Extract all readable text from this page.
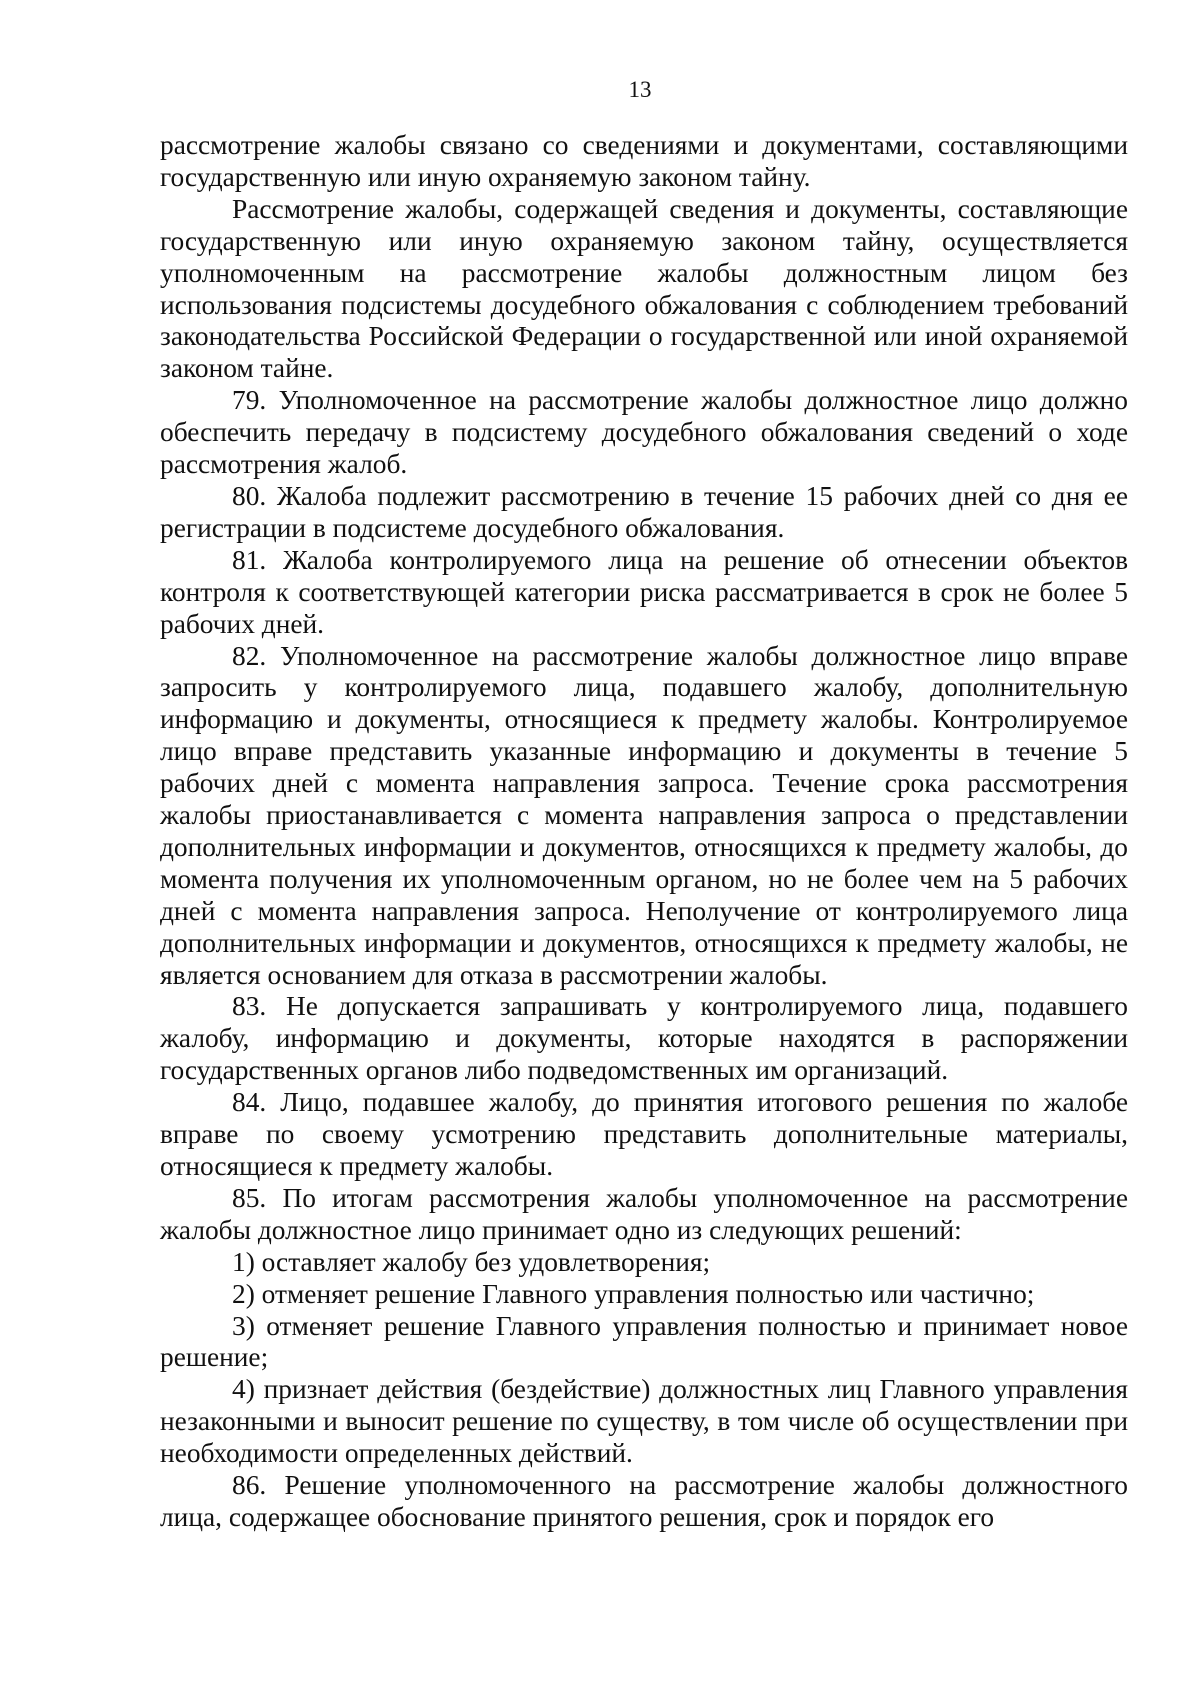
13

рассмотрение жалобы связано со сведениями и документами, составляющими государственную или иную охраняемую законом тайну.

Рассмотрение жалобы, содержащей сведения и документы, составляющие государственную или иную охраняемую законом тайну, осуществляется уполномоченным на рассмотрение жалобы должностным лицом без использования подсистемы досудебного обжалования с соблюдением требований законодательства Российской Федерации о государственной или иной охраняемой законом тайне.

79. Уполномоченное на рассмотрение жалобы должностное лицо должно обеспечить передачу в подсистему досудебного обжалования сведений о ходе рассмотрения жалоб.

80. Жалоба подлежит рассмотрению в течение 15 рабочих дней со дня ее регистрации в подсистеме досудебного обжалования.

81. Жалоба контролируемого лица на решение об отнесении объектов контроля к соответствующей категории риска рассматривается в срок не более 5 рабочих дней.

82. Уполномоченное на рассмотрение жалобы должностное лицо вправе запросить у контролируемого лица, подавшего жалобу, дополнительную информацию и документы, относящиеся к предмету жалобы. Контролируемое лицо вправе представить указанные информацию и документы в течение 5 рабочих дней с момента направления запроса. Течение срока рассмотрения жалобы приостанавливается с момента направления запроса о представлении дополнительных информации и документов, относящихся к предмету жалобы, до момента получения их уполномоченным органом, но не более чем на 5 рабочих дней с момента направления запроса. Неполучение от контролируемого лица дополнительных информации и документов, относящихся к предмету жалобы, не является основанием для отказа в рассмотрении жалобы.

83. Не допускается запрашивать у контролируемого лица, подавшего жалобу, информацию и документы, которые находятся в распоряжении государственных органов либо подведомственных им организаций.

84. Лицо, подавшее жалобу, до принятия итогового решения по жалобе вправе по своему усмотрению представить дополнительные материалы, относящиеся к предмету жалобы.

85. По итогам рассмотрения жалобы уполномоченное на рассмотрение жалобы должностное лицо принимает одно из следующих решений:

1) оставляет жалобу без удовлетворения;

2) отменяет решение Главного управления полностью или частично;

3) отменяет решение Главного управления полностью и принимает новое решение;

4) признает действия (бездействие) должностных лиц Главного управления незаконными и выносит решение по существу, в том числе об осуществлении при необходимости определенных действий.

86. Решение уполномоченного на рассмотрение жалобы должностного лица, содержащее обоснование принятого решения, срок и порядок его
